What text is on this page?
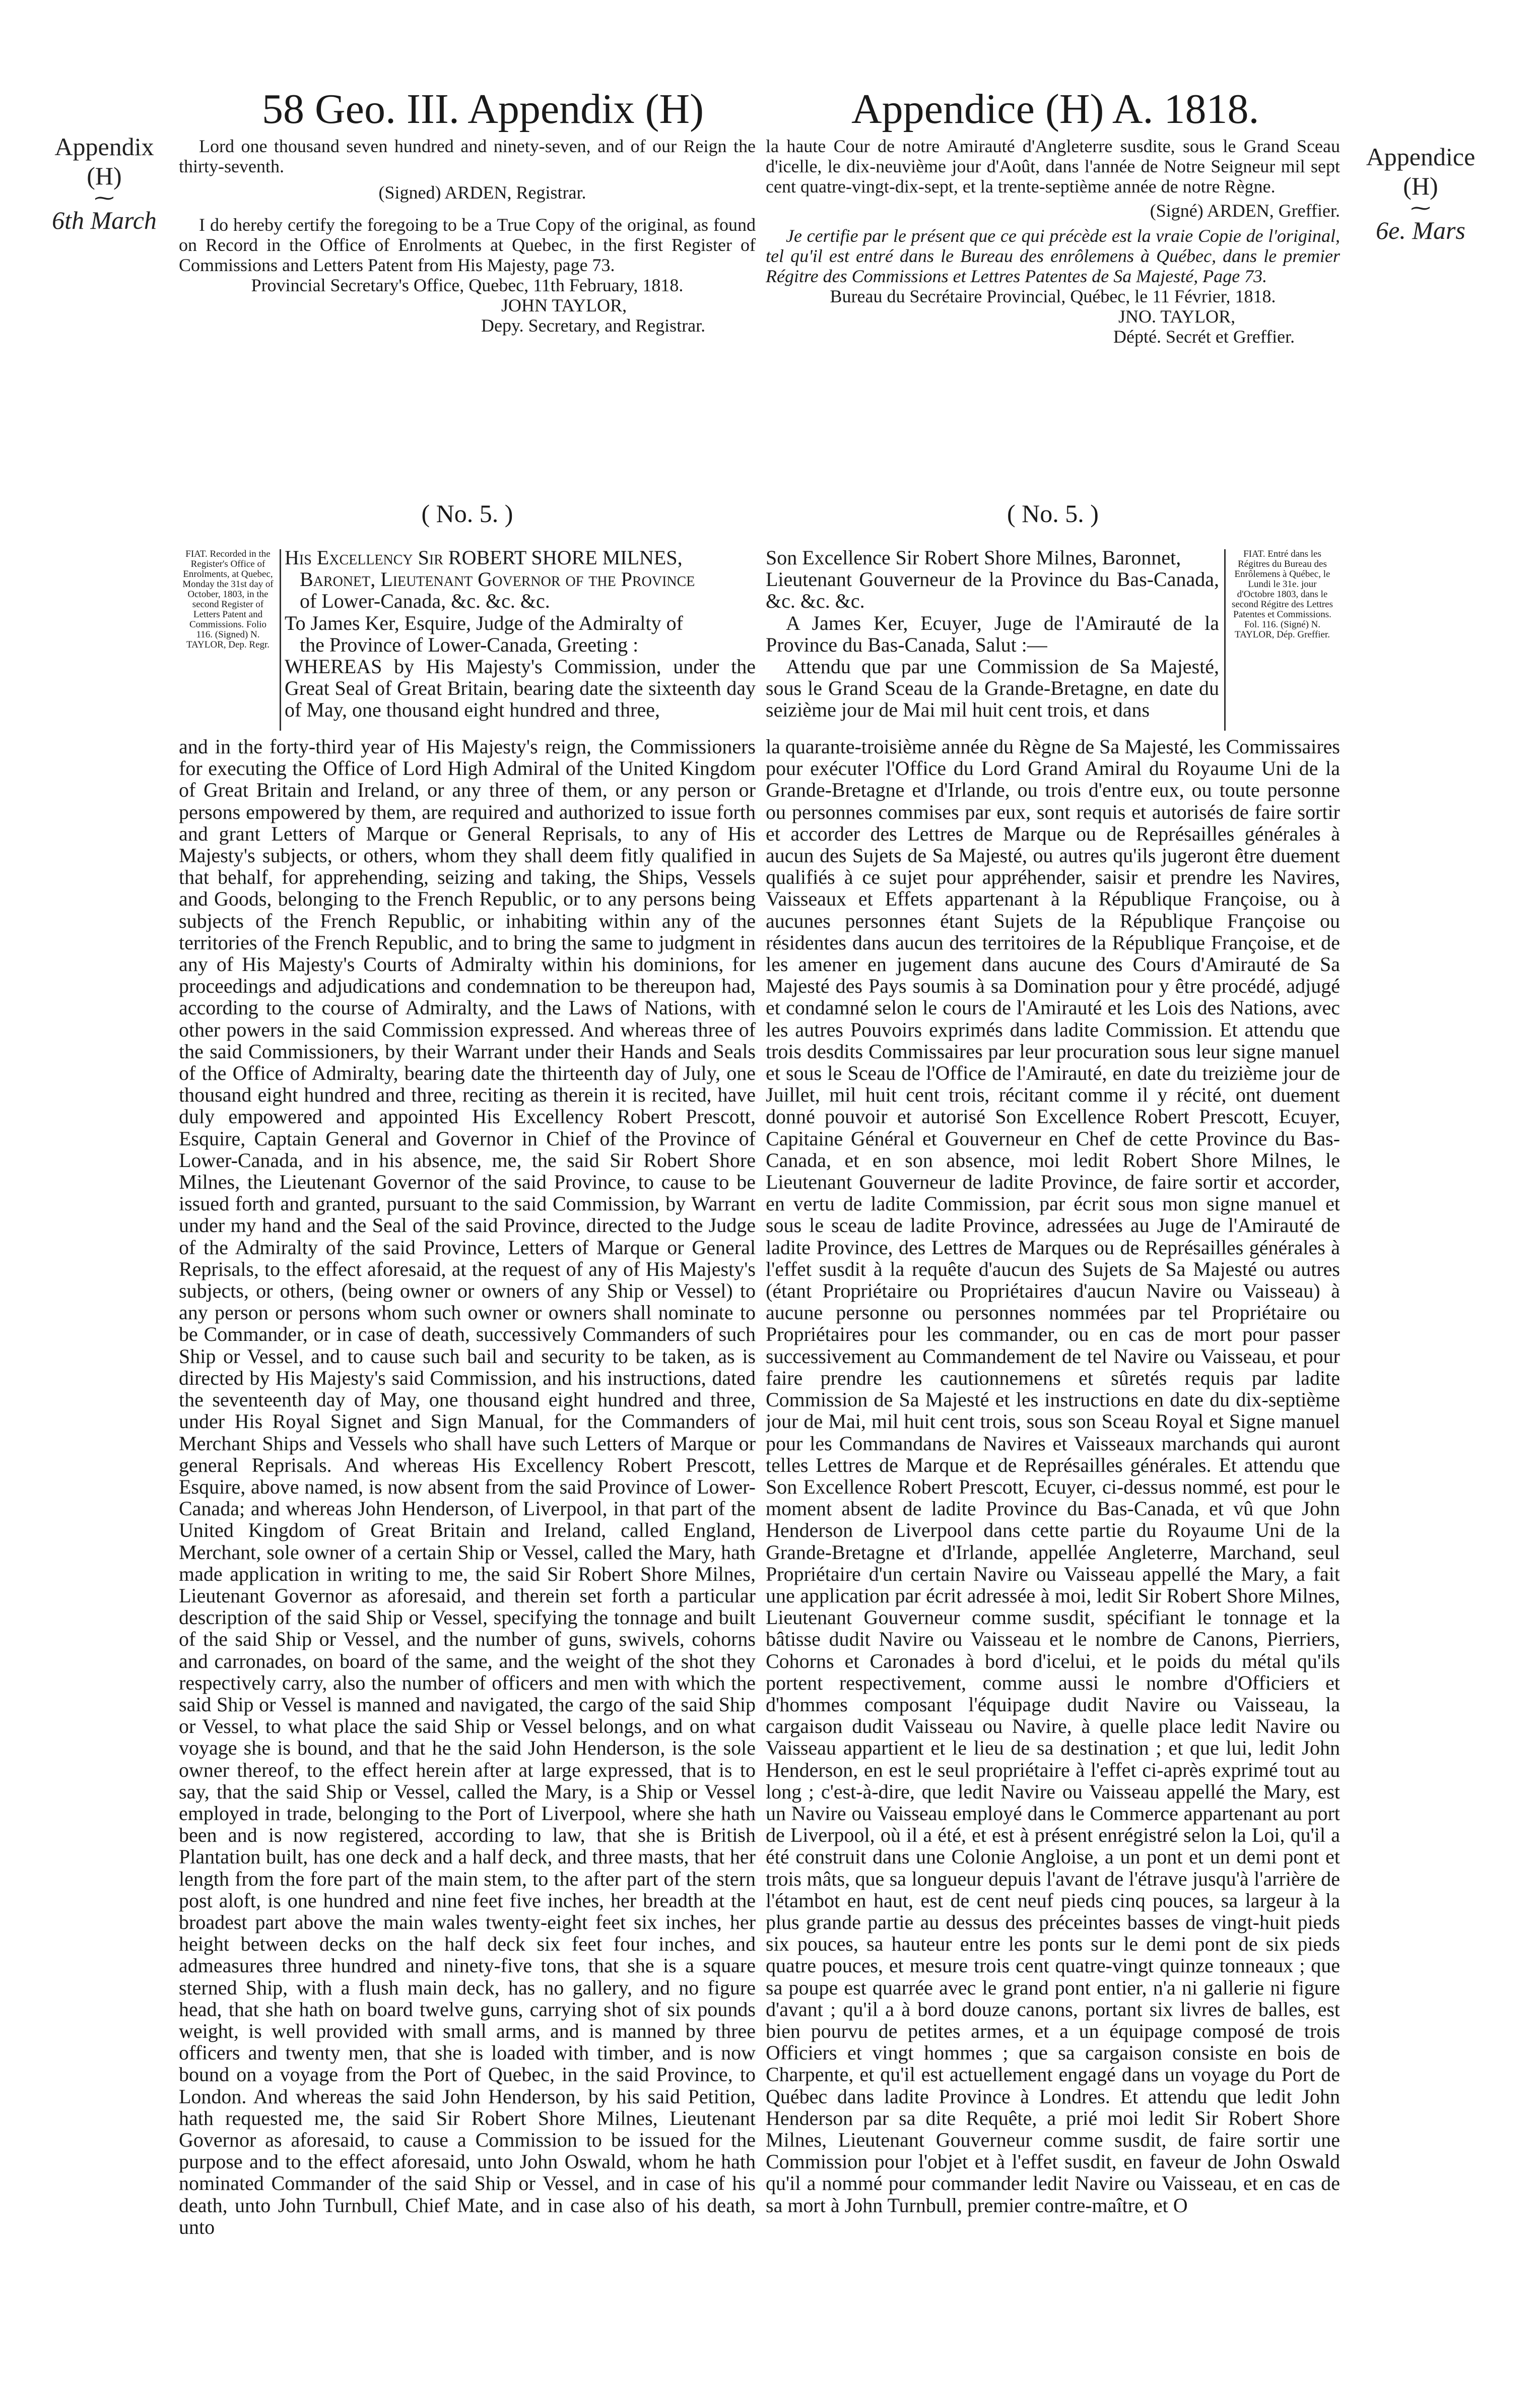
58 Geo. III. Appendix (H)	Appendice (H) A. 1818.
Appendix
(H)
⁓
6th March
Appendice
(H)
⁓
6e. Mars

Lord one thousand seven hundred and ninety-seven, and of our Reign the thirty-seventh.

(Signed) ARDEN, Registrar.

I do hereby certify the foregoing to be a True Copy of the original, as found on Record in the Office of Enrolments at Quebec, in the first Register of Commissions and Letters Patent from His Majesty, page 73.

Provincial Secretary's Office, Quebec, 11th February, 1818.

JOHN TAYLOR,

Depy. Secretary, and Registrar.

( No. 5. )
FIAT. Recorded in the Register's Office of Enrolments, at Quebec, Monday the 31st day of October, 1803, in the second Register of Letters Patent and Commissions. Folio 116. (Signed) N. TAYLOR, Dep. Regr.

His Excellency Sir ROBERT SHORE MILNES,

Baronet, Lieutenant Governor of the Province

of Lower-Canada, &c. &c. &c.

To James Ker, Esquire, Judge of the Admiralty of

the Province of Lower-Canada, Greeting :

WHEREAS by His Majesty's Commission, under the Great Seal of Great Britain, bearing date the sixteenth day of May, one thousand eight hundred and three,

and in the forty-third year of His Majesty's reign, the Commissioners for executing the Office of Lord High Admiral of the United Kingdom of Great Britain and Ireland, or any three of them, or any person or persons empowered by them, are required and authorized to issue forth and grant Letters of Marque or General Reprisals, to any of His Majesty's subjects, or others, whom they shall deem fitly qualified in that behalf, for apprehending, seizing and taking, the Ships, Vessels and Goods, belonging to the French Republic, or to any persons being subjects of the French Republic, or inhabiting within any of the territories of the French Republic, and to bring the same to judgment in any of His Majesty's Courts of Admiralty within his dominions, for proceedings and adjudications and condemnation to be thereupon had, according to the course of Admiralty, and the Laws of Nations, with other powers in the said Commission expressed. And whereas three of the said Commissioners, by their Warrant under their Hands and Seals of the Office of Admiralty, bearing date the thirteenth day of July, one thousand eight hundred and three, reciting as therein it is recited, have duly empowered and appointed His Excellency Robert Prescott, Esquire, Captain General and Governor in Chief of the Province of Lower-Canada, and in his absence, me, the said Sir Robert Shore Milnes, the Lieutenant Governor of the said Province, to cause to be issued forth and granted, pursuant to the said Commission, by Warrant under my hand and the Seal of the said Province, directed to the Judge of the Admiralty of the said Province, Letters of Marque or General Reprisals, to the effect aforesaid, at the request of any of His Majesty's subjects, or others, (being owner or owners of any Ship or Vessel) to any person or persons whom such owner or owners shall nominate to be Commander, or in case of death, successively Commanders of such Ship or Vessel, and to cause such bail and security to be taken, as is directed by His Majesty's said Commission, and his instructions, dated the seventeenth day of May, one thousand eight hundred and three, under His Royal Signet and Sign Manual, for the Commanders of Merchant Ships and Vessels who shall have such Letters of Marque or general Reprisals. And whereas His Excellency Robert Prescott, Esquire, above named, is now absent from the said Province of Lower-Canada; and whereas John Henderson, of Liverpool, in that part of the United Kingdom of Great Britain and Ireland, called England, Merchant, sole owner of a certain Ship or Vessel, called the Mary, hath made application in writing to me, the said Sir Robert Shore Milnes, Lieutenant Governor as aforesaid, and therein set forth a particular description of the said Ship or Vessel, specifying the tonnage and built of the said Ship or Vessel, and the number of guns, swivels, cohorns and carronades, on board of the same, and the weight of the shot they respectively carry, also the number of officers and men with which the said Ship or Vessel is manned and navigated, the cargo of the said Ship or Vessel, to what place the said Ship or Vessel belongs, and on what voyage she is bound, and that he the said John Henderson, is the sole owner thereof, to the effect herein after at large expressed, that is to say, that the said Ship or Vessel, called the Mary, is a Ship or Vessel employed in trade, belonging to the Port of Liverpool, where she hath been and is now registered, according to law, that she is British Plantation built, has one deck and a half deck, and three masts, that her length from the fore part of the main stem, to the after part of the stern post aloft, is one hundred and nine feet five inches, her breadth at the broadest part above the main wales twenty-eight feet six inches, her height between decks on the half deck six feet four inches, and admeasures three hundred and ninety-five tons, that she is a square sterned Ship, with a flush main deck, has no gallery, and no figure head, that she hath on board twelve guns, carrying shot of six pounds weight, is well provided with small arms, and is manned by three officers and twenty men, that she is loaded with timber, and is now bound on a voyage from the Port of Quebec, in the said Province, to London. And whereas the said John Henderson, by his said Petition, hath requested me, the said Sir Robert Shore Milnes, Lieutenant Governor as aforesaid, to cause a Commission to be issued for the purpose and to the effect aforesaid, unto John Oswald, whom he hath nominated Commander of the said Ship or Vessel, and in case of his death, unto John Turnbull, Chief Mate, and in case also of his death, unto

la haute Cour de notre Amirauté d'Angleterre susdite, sous le Grand Sceau d'icelle, le dix-neuvième jour d'Août, dans l'année de Notre Seigneur mil sept cent quatre-vingt-dix-sept, et la trente-septième année de notre Règne.

(Signé) ARDEN, Greffier.

Je certifie par le présent que ce qui précède est la vraie Copie de l'original, tel qu'il est entré dans le Bureau des enrôlemens à Québec, dans le premier Régitre des Commissions et Lettres Patentes de Sa Majesté, Page 73.

Bureau du Secrétaire Provincial, Québec, le 11 Février, 1818.

JNO. TAYLOR,

Dépté. Secrét et Greffier.

( No. 5. )

Son Excellence Sir Robert Shore Milnes, Baronnet,

Lieutenant Gouverneur de la Province du Bas-Canada, &c. &c. &c.

A James Ker, Ecuyer, Juge de l'Amirauté de la Province du Bas-Canada, Salut :—

Attendu que par une Commission de Sa Majesté, sous le Grand Sceau de la Grande-Bretagne, en date du seizième jour de Mai mil huit cent trois, et dans

FIAT. Entré dans les Régitres du Bureau des Enrôlemens à Québec, le Lundi le 31e. jour d'Octobre 1803, dans le second Régitre des Lettres Patentes et Commissions. Fol. 116. (Signé) N. TAYLOR, Dép. Greffier.

la quarante-troisième année du Règne de Sa Majesté, les Commissaires pour exécuter l'Office du Lord Grand Amiral du Royaume Uni de la Grande-Bretagne et d'Irlande, ou trois d'entre eux, ou toute personne ou personnes commises par eux, sont requis et autorisés de faire sortir et accorder des Lettres de Marque ou de Représailles générales à aucun des Sujets de Sa Majesté, ou autres qu'ils jugeront être duement qualifiés à ce sujet pour appréhender, saisir et prendre les Navires, Vaisseaux et Effets appartenant à la République Françoise, ou à aucunes personnes étant Sujets de la République Françoise ou résidentes dans aucun des territoires de la République Françoise, et de les amener en jugement dans aucune des Cours d'Amirauté de Sa Majesté des Pays soumis à sa Domination pour y être procédé, adjugé et condamné selon le cours de l'Amirauté et les Lois des Nations, avec les autres Pouvoirs exprimés dans ladite Commission. Et attendu que trois desdits Commissaires par leur procuration sous leur signe manuel et sous le Sceau de l'Office de l'Amirauté, en date du treizième jour de Juillet, mil huit cent trois, récitant comme il y récité, ont duement donné pouvoir et autorisé Son Excellence Robert Prescott, Ecuyer, Capitaine Général et Gouverneur en Chef de cette Province du Bas-Canada, et en son absence, moi ledit Robert Shore Milnes, le Lieutenant Gouverneur de ladite Province, de faire sortir et accorder, en vertu de ladite Commission, par écrit sous mon signe manuel et sous le sceau de ladite Province, adressées au Juge de l'Amirauté de ladite Province, des Lettres de Marques ou de Représailles générales à l'effet susdit à la requête d'aucun des Sujets de Sa Majesté ou autres (étant Propriétaire ou Propriétaires d'aucun Navire ou Vaisseau) à aucune personne ou personnes nommées par tel Propriétaire ou Propriétaires pour les commander, ou en cas de mort pour passer successivement au Commandement de tel Navire ou Vaisseau, et pour faire prendre les cautionnemens et sûretés requis par ladite Commission de Sa Majesté et les instructions en date du dix-septième jour de Mai, mil huit cent trois, sous son Sceau Royal et Signe manuel pour les Commandans de Navires et Vaisseaux marchands qui auront telles Lettres de Marque et de Représailles générales. Et attendu que Son Excellence Robert Prescott, Ecuyer, ci-dessus nommé, est pour le moment absent de ladite Province du Bas-Canada, et vû que John Henderson de Liverpool dans cette partie du Royaume Uni de la Grande-Bretagne et d'Irlande, appellée Angleterre, Marchand, seul Propriétaire d'un certain Navire ou Vaisseau appellé the Mary, a fait une application par écrit adressée à moi, ledit Sir Robert Shore Milnes, Lieutenant Gouverneur comme susdit, spécifiant le tonnage et la bâtisse dudit Navire ou Vaisseau et le nombre de Canons, Pierriers, Cohorns et Caronades à bord d'icelui, et le poids du métal qu'ils portent respectivement, comme aussi le nombre d'Officiers et d'hommes composant l'équipage dudit Navire ou Vaisseau, la cargaison dudit Vaisseau ou Navire, à quelle place ledit Navire ou Vaisseau appartient et le lieu de sa destination ; et que lui, ledit John Henderson, en est le seul propriétaire à l'effet ci-après exprimé tout au long ; c'est-à-dire, que ledit Navire ou Vaisseau appellé the Mary, est un Navire ou Vaisseau employé dans le Commerce appartenant au port de Liverpool, où il a été, et est à présent enrégistré selon la Loi, qu'il a été construit dans une Colonie Angloise, a un pont et un demi pont et trois mâts, que sa longueur depuis l'avant de l'étrave jusqu'à l'arrière de l'étambot en haut, est de cent neuf pieds cinq pouces, sa largeur à la plus grande partie au dessus des préceintes basses de vingt-huit pieds six pouces, sa hauteur entre les ponts sur le demi pont de six pieds quatre pouces, et mesure trois cent quatre-vingt quinze tonneaux ; que sa poupe est quarrée avec le grand pont entier, n'a ni gallerie ni figure d'avant ; qu'il a à bord douze canons, portant six livres de balles, est bien pourvu de petites armes, et a un équipage composé de trois Officiers et vingt hommes ; que sa cargaison consiste en bois de Charpente, et qu'il est actuellement engagé dans un voyage du Port de Québec dans ladite Province à Londres. Et attendu que ledit John Henderson par sa dite Requête, a prié moi ledit Sir Robert Shore Milnes, Lieutenant Gouverneur comme susdit, de faire sortir une Commission pour l'objet et à l'effet susdit, en faveur de John Oswald qu'il a nommé pour commander ledit Navire ou Vaisseau, et en cas de sa mort à John Turnbull, premier contre-maître, et O
